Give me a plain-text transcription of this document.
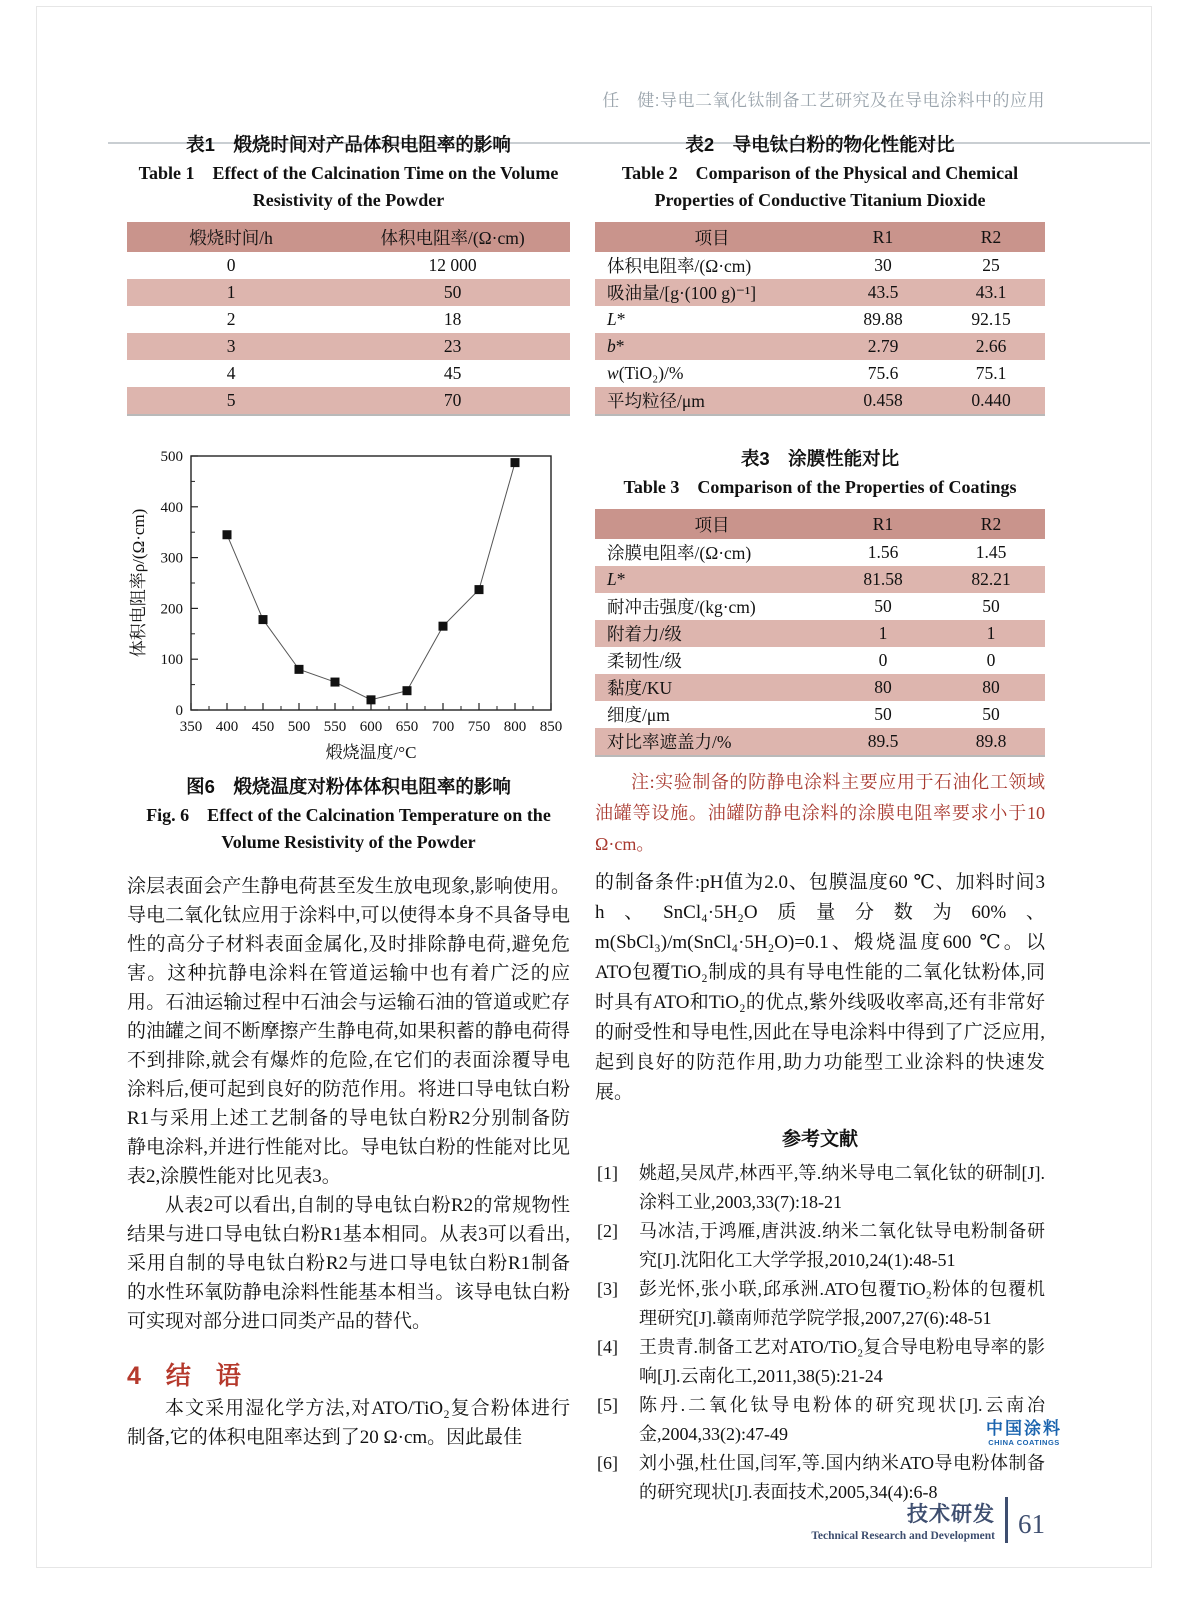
任　健:导电二氧化钛制备工艺研究及在导电涂料中的应用
表1　煅烧时间对产品体积电阻率的影响
Table 1　Effect of the Calcination Time on the Volume Resistivity of the Powder
煅烧时间/h	体积电阻率/(Ω·cm)
0	12 000
1	50
2	18
3	23
4	45
5	70
350 400 450 500 550 600 650 700 750 800 850
0
100
200
300
400
500
煅烧温度/°C
体积电阻率ρ/(Ω·cm)
图6　煅烧温度对粉体体积电阻率的影响
Fig. 6　Effect of the Calcination Temperature on the Volume Resistivity of the Powder

涂层表面会产生静电荷甚至发生放电现象,影响使用。导电二氧化钛应用于涂料中,可以使得本身不具备导电性的高分子材料表面金属化,及时排除静电荷,避免危害。这种抗静电涂料在管道运输中也有着广泛的应用。石油运输过程中石油会与运输石油的管道或贮存的油罐之间不断摩擦产生静电荷,如果积蓄的静电荷得不到排除,就会有爆炸的危险,在它们的表面涂覆导电涂料后,便可起到良好的防范作用。将进口导电钛白粉R1与采用上述工艺制备的导电钛白粉R2分别制备防静电涂料,并进行性能对比。导电钛白粉的性能对比见表2,涂膜性能对比见表3。

从表2可以看出,自制的导电钛白粉R2的常规物性结果与进口导电钛白粉R1基本相同。从表3可以看出,采用自制的导电钛白粉R2与进口导电钛白粉R1制备的水性环氧防静电涂料性能基本相当。该导电钛白粉可实现对部分进口同类产品的替代。

4　结　语

本文采用湿化学方法,对ATO/TiO₂复合粉体进行制备,它的体积电阻率达到了20 Ω·cm。因此最佳

表2　导电钛白粉的物化性能对比
Table 2　Comparison of the Physical and Chemical Properties of Conductive Titanium Dioxide
项目	R1	R2
体积电阻率/(Ω·cm)	30	25
吸油量/[g·(100 g)⁻¹]	43.5	43.1
L*	89.88	92.15
b*	2.79	2.66
w(TiO₂)/%	75.6	75.1
平均粒径/μm	0.458	0.440
表3　涂膜性能对比
Table 3　Comparison of the Properties of Coatings
项目	R1	R2
涂膜电阻率/(Ω·cm)	1.56	1.45
L*	81.58	82.21
耐冲击强度/(kg·cm)	50	50
附着力/级	1	1
柔韧性/级	0	0
黏度/KU	80	80
细度/μm	50	50
对比率遮盖力/%	89.5	89.8
注:实验制备的防静电涂料主要应用于石油化工领域油罐等设施。油罐防静电涂料的涂膜电阻率要求小于10 Ω·cm。

的制备条件:pH值为2.0、包膜温度60 ℃、加料时间3 h、SnCl₄·5H₂O质量分数为60%、m(SbCl₃)/m(SnCl₄·5H₂O)=0.1、煅烧温度600 ℃。以ATO包覆TiO₂制成的具有导电性能的二氧化钛粉体,同时具有ATO和TiO₂的优点,紫外线吸收率高,还有非常好的耐受性和导电性,因此在导电涂料中得到了广泛应用,起到良好的防范作用,助力功能型工业涂料的快速发展。

参考文献
[1] 姚超,吴凤芹,林西平,等.纳米导电二氧化钛的研制[J].涂料工业,2003,33(7):18-21
[2] 马冰洁,于鸿雁,唐洪波.纳米二氧化钛导电粉制备研究[J].沈阳化工大学学报,2010,24(1):48-51
[3] 彭光怀,张小联,邱承洲.ATO包覆TiO₂粉体的包覆机理研究[J].赣南师范学院学报,2007,27(6):48-51
[4] 王贵青.制备工艺对ATO/TiO₂复合导电粉电导率的影响[J].云南化工,2011,38(5):21-24
[5] 陈丹.二氧化钛导电粉体的研究现状[J].云南冶金,2004,33(2):47-49
[6] 刘小强,杜仕国,闫军,等.国内纳米ATO导电粉体制备的研究现状[J].表面技术,2005,34(4):6-8
中国涂料
CHINA COATINGS
技术研发
Technical Research and Development 61
